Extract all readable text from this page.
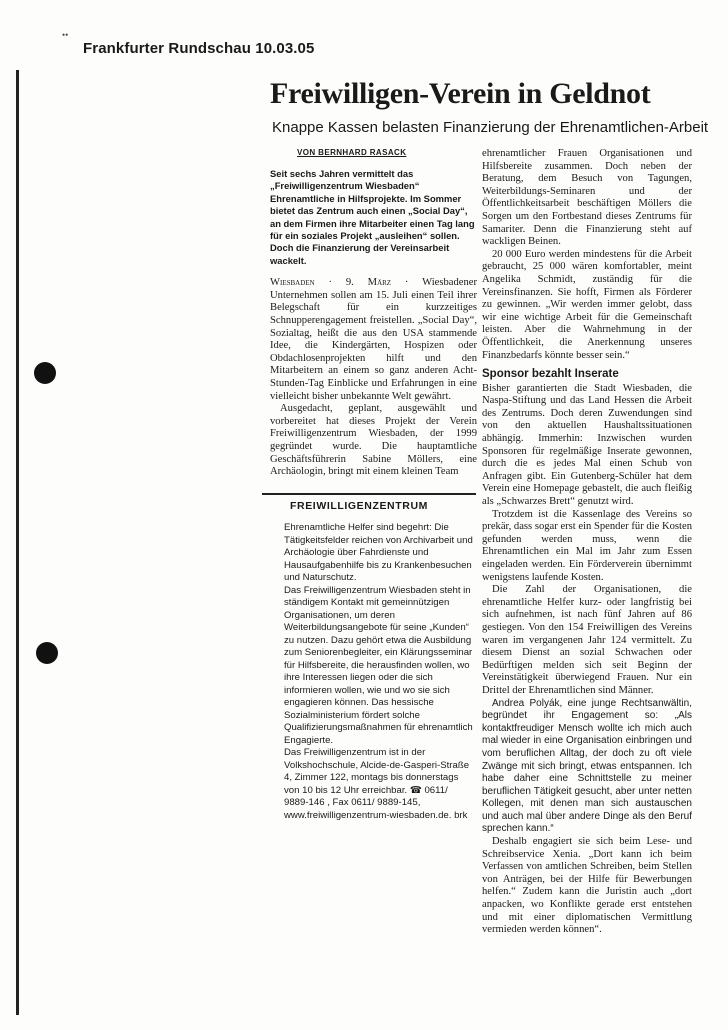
••
Frankfurter Rundschau 10.03.05
Freiwilligen-Verein in Geldnot
Knappe Kassen belasten Finanzierung der Ehrenamtlichen-Arbeit
VON BERNHARD RASACK

Seit sechs Jahren vermittelt das „Freiwilligenzentrum Wiesbaden“ Ehrenamtliche in Hilfsprojekte. Im Sommer bietet das Zentrum auch einen „Social Day“, an dem Firmen ihre Mitarbeiter einen Tag lang für ein soziales Projekt „ausleihen“ sollen. Doch die Finanzierung der Vereinsarbeit wackelt.

Wiesbaden · 9. März · Wiesbadener Unternehmen sollen am 15. Juli einen Teil ihrer Belegschaft für ein kurzzeitiges Schnupperengagement freistellen. „Social Day“, Sozialtag, heißt die aus den USA stammende Idee, die Kindergärten, Hospizen oder Obdachlosenprojekten hilft und den Mitarbeitern an einem so ganz anderen Acht-Stunden-Tag Einblicke und Erfahrungen in eine vielleicht bisher unbekannte Welt gewährt.

Ausgedacht, geplant, ausgewählt und vorbereitet hat dieses Projekt der Verein Freiwilligenzentrum Wiesbaden, der 1999 gegründet wurde. Die hauptamtliche Geschäftsführerin Sabine Möllers, eine Archäologin, bringt mit einem kleinen Team

FREIWILLIGENZENTRUM

Ehrenamtliche Helfer sind begehrt: Die Tätigkeitsfelder reichen von Archivarbeit und Archäologie über Fahrdienste und Hausaufgabenhilfe bis zu Krankenbesuchen und Naturschutz.

Das Freiwilligenzentrum Wiesbaden steht in ständigem Kontakt mit gemeinnützigen Organisationen, um deren Weiterbildungsangebote für seine „Kunden“ zu nutzen. Dazu gehört etwa die Ausbildung zum Seniorenbegleiter, ein Klärungsseminar für Hilfsbereite, die herausfinden wollen, wo ihre Interessen liegen oder die sich informieren wollen, wie und wo sie sich engagieren können. Das hessische Sozialministerium fördert solche Qualifizierungsmaßnahmen für ehrenamtlich Engagierte.

Das Freiwilligenzentrum ist in der Volkshochschule, Alcide-de-Gasperi-Straße 4, Zimmer 122, montags bis donnerstags von 10 bis 12 Uhr erreichbar. ☎ 0611/ 9889-146 , Fax 0611/ 9889-145, www.freiwilligenzentrum-wiesbaden.de. brk

ehrenamtlicher Frauen Organisationen und Hilfsbereite zusammen. Doch neben der Beratung, dem Besuch von Tagungen, Weiterbildungs-Seminaren und der Öffentlichkeitsarbeit beschäftigen Möllers die Sorgen um den Fortbestand dieses Zentrums für Samariter. Denn die Finanzierung steht auf wackligen Beinen.

20 000 Euro werden mindestens für die Arbeit gebraucht, 25 000 wären komfortabler, meint Angelika Schmidt, zuständig für die Vereinsfinanzen. Sie hofft, Firmen als Förderer zu gewinnen. „Wir werden immer gelobt, dass wir eine wichtige Arbeit für die Gemeinschaft leisten. Aber die Wahrnehmung in der Öffentlichkeit, die Anerkennung unseres Finanzbedarfs könnte besser sein.“

Sponsor bezahlt Inserate

Bisher garantierten die Stadt Wiesbaden, die Naspa-Stiftung und das Land Hessen die Arbeit des Zentrums. Doch deren Zuwendungen sind von den aktuellen Haushaltssituationen abhängig. Immerhin: Inzwischen wurden Sponsoren für regelmäßige Inserate gewonnen, durch die es jedes Mal einen Schub von Anfragen gibt. Ein Gutenberg-Schüler hat dem Verein eine Homepage gebastelt, die auch fleißig als „Schwarzes Brett“ genutzt wird.

Trotzdem ist die Kassenlage des Vereins so prekär, dass sogar erst ein Spender für die Kosten gefunden werden muss, wenn die Ehrenamtlichen ein Mal im Jahr zum Essen eingeladen werden. Ein Förderverein übernimmt wenigstens laufende Kosten.

Die Zahl der Organisationen, die ehrenamtliche Helfer kurz- oder langfristig bei sich aufnehmen, ist nach fünf Jahren auf 86 gestiegen. Von den 154 Freiwilligen des Vereins waren im vergangenen Jahr 124 vermittelt. Zu diesem Dienst an sozial Schwachen oder Bedürftigen melden sich seit Beginn der Vereinstätigkeit überwiegend Frauen. Nur ein Drittel der Ehrenamtlichen sind Männer.

Andrea Polyák, eine junge Rechtsanwältin, begründet ihr Engagement so: „Als kontaktfreudiger Mensch wollte ich mich auch mal wieder in eine Organisation einbringen und vom beruflichen Alltag, der doch zu oft viele Zwänge mit sich bringt, etwas entspannen. Ich habe daher eine Schnittstelle zu meiner beruflichen Tätigkeit gesucht, aber unter netten Kollegen, mit denen man sich austauschen und auch mal über andere Dinge als den Beruf sprechen kann.“

Deshalb engagiert sie sich beim Lese- und Schreibservice Xenia. „Dort kann ich beim Verfassen von amtlichen Schreiben, beim Stellen von Anträgen, bei der Hilfe für Bewerbungen helfen.“ Zudem kann die Juristin auch „dort anpacken, wo Konflikte gerade erst entstehen und mit einer diplomatischen Vermittlung vermieden werden können“.
